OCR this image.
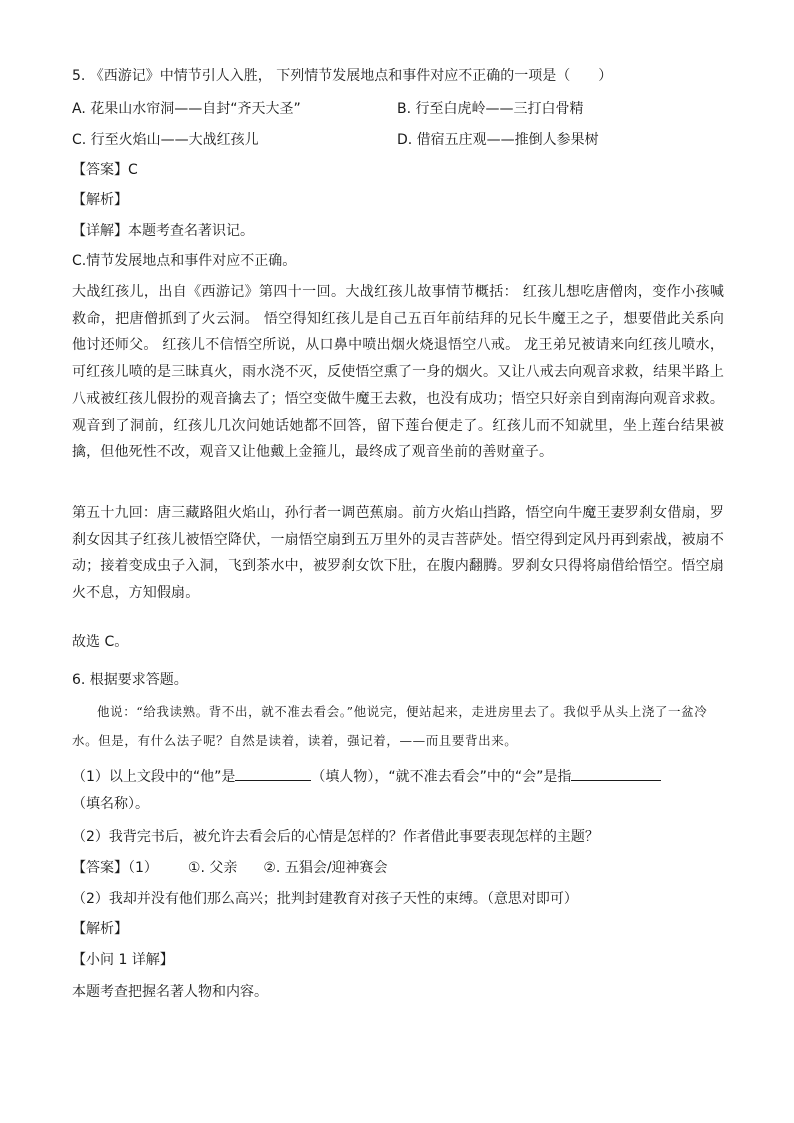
5. 《西游记》中情节引人入胜， 下列情节发展地点和事件对应不正确的一项是（　　）
A. 花果山水帘洞——自封“齐天大圣”	B. 行至白虎岭——三打白骨精
C. 行至火焰山——大战红孩儿	D. 借宿五庄观——推倒人参果树
【答案】C
【解析】
【详解】本题考查名著识记。
C.情节发展地点和事件对应不正确。
大战红孩儿，出自《西游记》第四十一回。大战红孩儿故事情节概括： 红孩儿想吃唐僧肉，变作小孩喊救命，把唐僧抓到了火云洞。 悟空得知红孩儿是自己五百年前结拜的兄长牛魔王之子，想要借此关系向他讨还师父。 红孩儿不信悟空所说，从口鼻中喷出烟火烧退悟空八戒。 龙王弟兄被请来向红孩儿喷水，可红孩儿喷的是三昧真火，雨水浇不灭，反使悟空熏了一身的烟火。又让八戒去向观音求救，结果半路上八戒被红孩儿假扮的观音擒去了；悟空变做牛魔王去救，也没有成功；悟空只好亲自到南海向观音求救。观音到了洞前，红孩儿几次问她话她都不回答，留下莲台便走了。红孩儿而不知就里，坐上莲台结果被擒，但他死性不改，观音又让他戴上金箍儿，最终成了观音坐前的善财童子。
第五十九回：唐三藏路阻火焰山，孙行者一调芭蕉扇。前方火焰山挡路，悟空向牛魔王妻罗刹女借扇，罗刹女因其子红孩儿被悟空降伏，一扇悟空扇到五万里外的灵吉菩萨处。悟空得到定风丹再到索战，被扇不动；接着变成虫子入洞，飞到茶水中，被罗刹女饮下肚，在腹内翻腾。罗刹女只得将扇借给悟空。悟空扇火不息，方知假扇。
故选 C。
6. 根据要求答题。
他说：“给我读熟。背不出，就不准去看会。”他说完，便站起来，走进房里去了。我似乎从头上浇了一盆冷水。但是，有什么法子呢？自然是读着，读着，强记着，——而且要背出来。
（1）以上文段中的“他”是	（填人物），“就不准去看会”中的“会”是指
（填名称）。
（2）我背完书后，被允许去看会后的心情是怎样的？作者借此事要表现怎样的主题？
【答案】（1） ①. 父亲 ②. 五猖会/迎神赛会
（2）我却并没有他们那么高兴；批判封建教育对孩子天性的束缚。（意思对即可）
【解析】
【小问 1 详解】
本题考查把握名著人物和内容。
